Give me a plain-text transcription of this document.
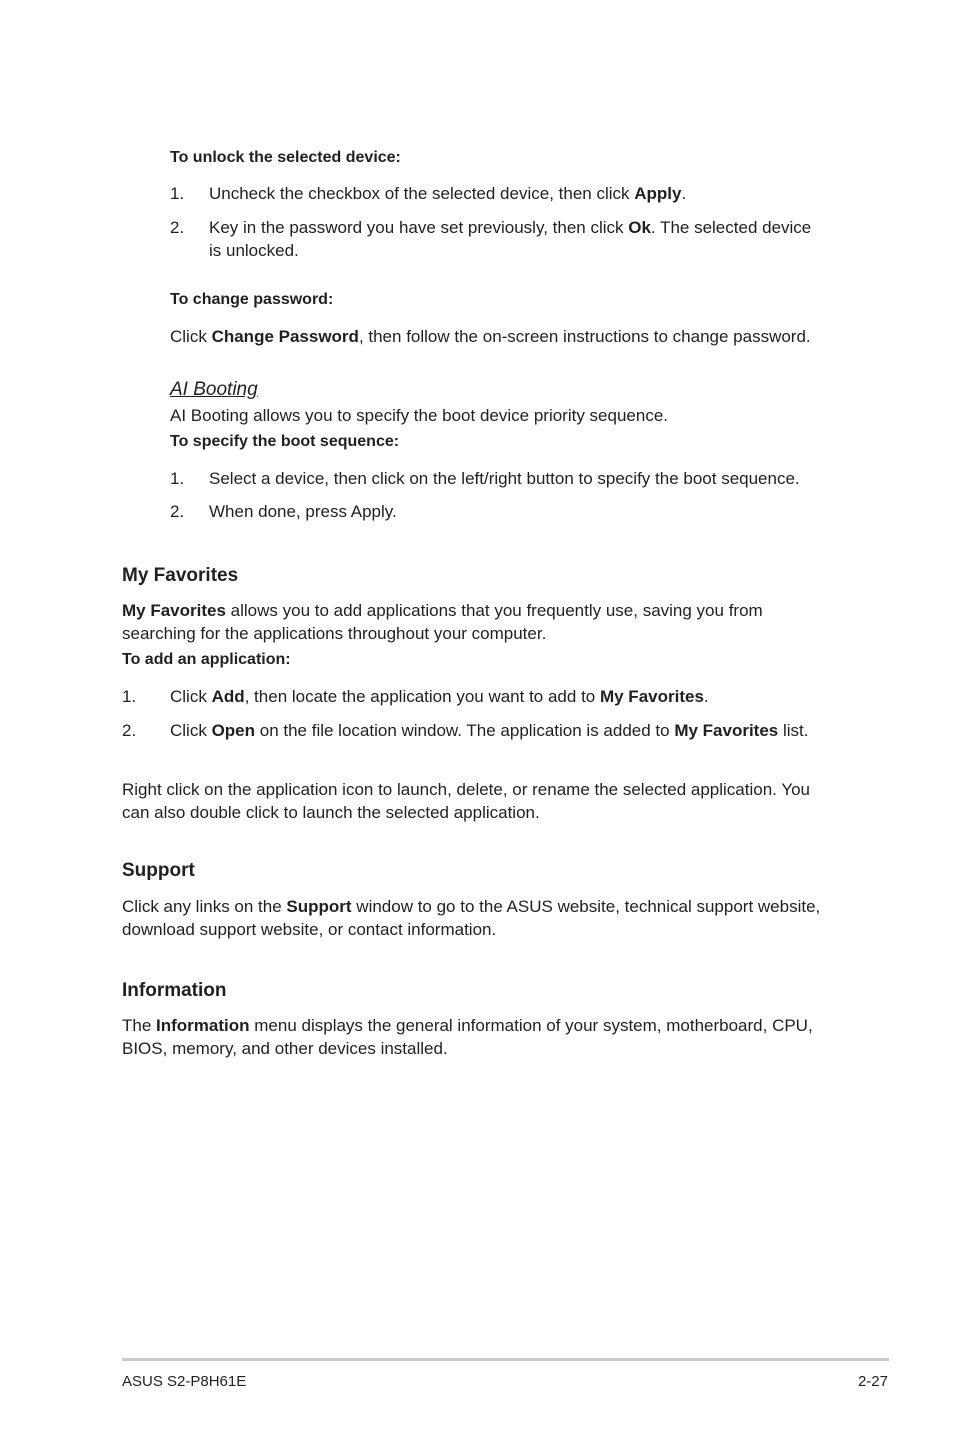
To unlock the selected device:
1. Uncheck the checkbox of the selected device, then click Apply.
2. Key in the password you have set previously, then click Ok. The selected device
is unlocked.
To change password:
Click Change Password, then follow the on-screen instructions to change password.
AI Booting
AI Booting allows you to specify the boot device priority sequence.
To specify the boot sequence:
1. Select a device, then click on the left/right button to specify the boot sequence.
2. When done, press Apply.
My Favorites
My Favorites allows you to add applications that you frequently use, saving you from
searching for the applications throughout your computer.
To add an application:
1. Click Add, then locate the application you want to add to My Favorites.
2. Click Open on the file location window. The application is added to My Favorites list.
Right click on the application icon to launch, delete, or rename the selected application. You
can also double click to launch the selected application.
Support
Click any links on the Support window to go to the ASUS website, technical support website,
download support website, or contact information.
Information
The Information menu displays the general information of your system, motherboard, CPU,
BIOS, memory, and other devices installed.
ASUS S2-P8H61E	2-27
